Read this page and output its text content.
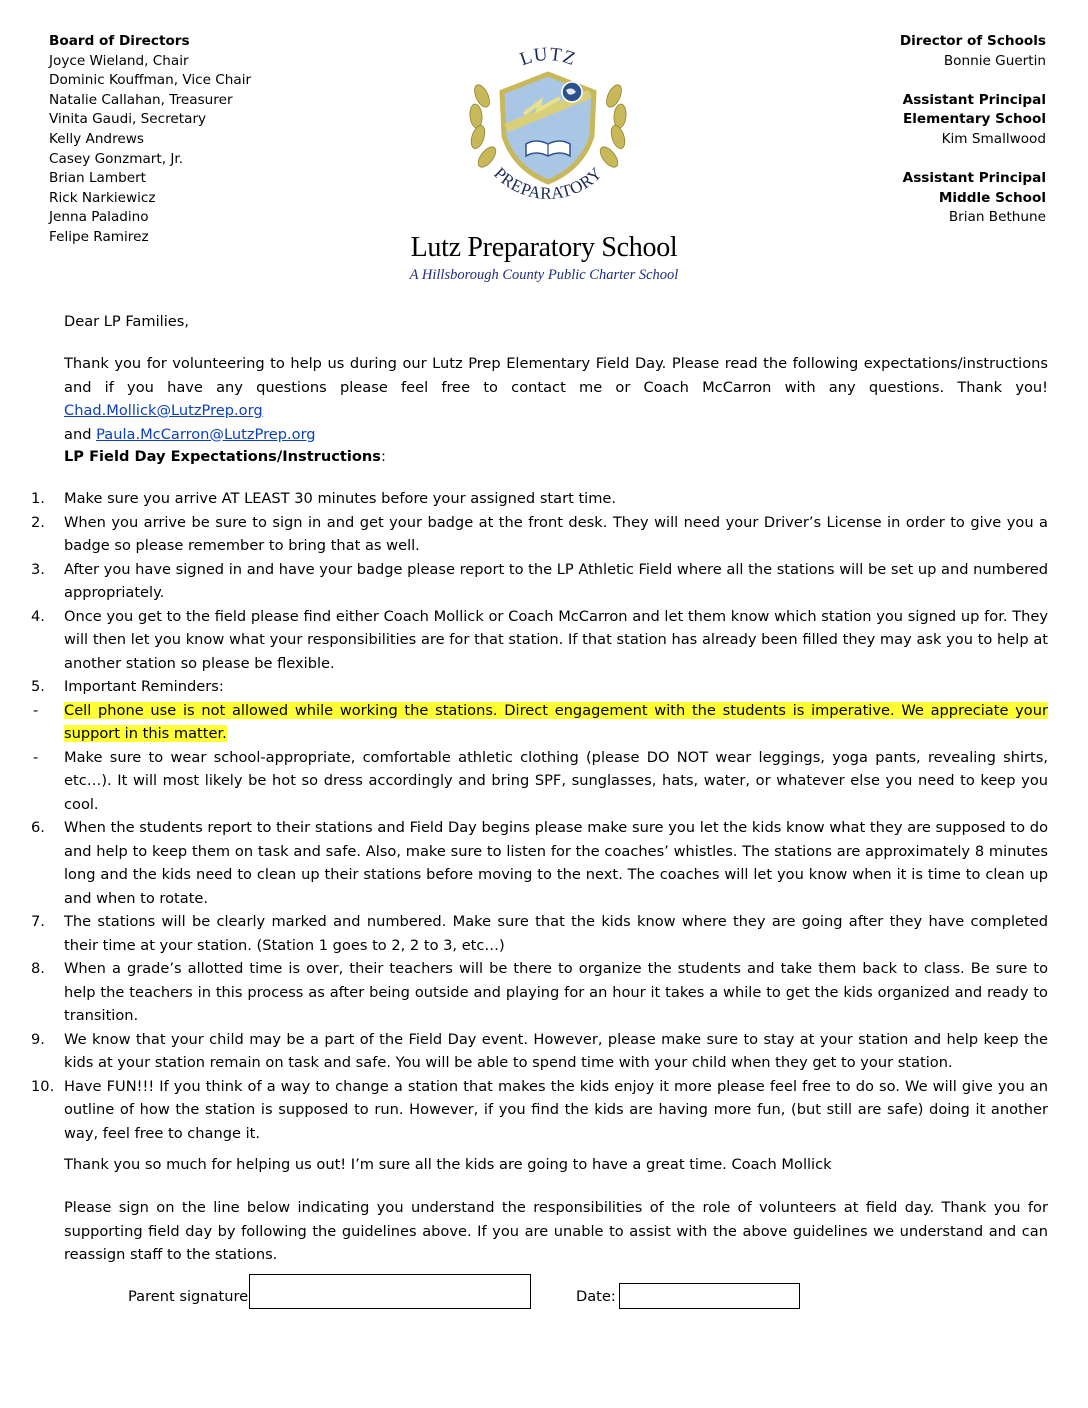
Board of Directors
Joyce Wieland, Chair
Dominic Kouffman, Vice Chair
Natalie Callahan, Treasurer
Vinita Gaudi, Secretary
Kelly Andrews
Casey Gonzmart, Jr.
Brian Lambert
Rick Narkiewicz
Jenna Paladino
Felipe Ramirez
Director of Schools
Bonnie Guertin
Assistant Principal
Elementary School
Kim Smallwood
Assistant Principal
Middle School
Brian Bethune
LUTZ
PREPARATORY
Lutz Preparatory School
A Hillsborough County Public Charter School
Dear LP Families,

Thank you for volunteering to help us during our Lutz Prep Elementary Field Day. Please read the following expectations/instructions and if you have any questions please feel free to contact me or Coach McCarron with any questions. Thank you! Chad.Mollick@LutzPrep.org
and Paula.McCarron@LutzPrep.org

LP Field Day Expectations/Instructions:
1. Make sure you arrive AT LEAST 30 minutes before your assigned start time.

2. When you arrive be sure to sign in and get your badge at the front desk. They will need your Driver’s License in order to give you a badge so please remember to bring that as well.

3. After you have signed in and have your badge please report to the LP Athletic Field where all the stations will be set up and numbered appropriately.

4. Once you get to the field please find either Coach Mollick or Coach McCarron and let them know which station you signed up for. They will then let you know what your responsibilities are for that station. If that station has already been filled they may ask you to help at another station so please be flexible.

5. Important Reminders:

- Cell phone use is not allowed while working the stations. Direct engagement with the students is imperative. We appreciate your support in this matter.

- Make sure to wear school-appropriate, comfortable athletic clothing (please DO NOT wear leggings, yoga pants, revealing shirts, etc…). It will most likely be hot so dress accordingly and bring SPF, sunglasses, hats, water, or whatever else you need to keep you cool.

6. When the students report to their stations and Field Day begins please make sure you let the kids know what they are supposed to do and help to keep them on task and safe. Also, make sure to listen for the coaches’ whistles. The stations are approximately 8 minutes long and the kids need to clean up their stations before moving to the next. The coaches will let you know when it is time to clean up and when to rotate.

7. The stations will be clearly marked and numbered. Make sure that the kids know where they are going after they have completed their time at your station. (Station 1 goes to 2, 2 to 3, etc…)

8. When a grade’s allotted time is over, their teachers will be there to organize the students and take them back to class. Be sure to help the teachers in this process as after being outside and playing for an hour it takes a while to get the kids organized and ready to transition.

9. We know that your child may be a part of the Field Day event. However, please make sure to stay at your station and help keep the kids at your station remain on task and safe. You will be able to spend time with your child when they get to your station.

10. Have FUN!!! If you think of a way to change a station that makes the kids enjoy it more please feel free to do so. We will give you an outline of how the station is supposed to run. However, if you find the kids are having more fun, (but still are safe) doing it another way, feel free to change it.

Thank you so much for helping us out! I’m sure all the kids are going to have a great time. Coach Mollick

Please sign on the line below indicating you understand the responsibilities of the role of volunteers at field day. Thank you for supporting field day by following the guidelines above. If you are unable to assist with the above guidelines we understand and can reassign staff to the stations.

Parent signature	Date:
